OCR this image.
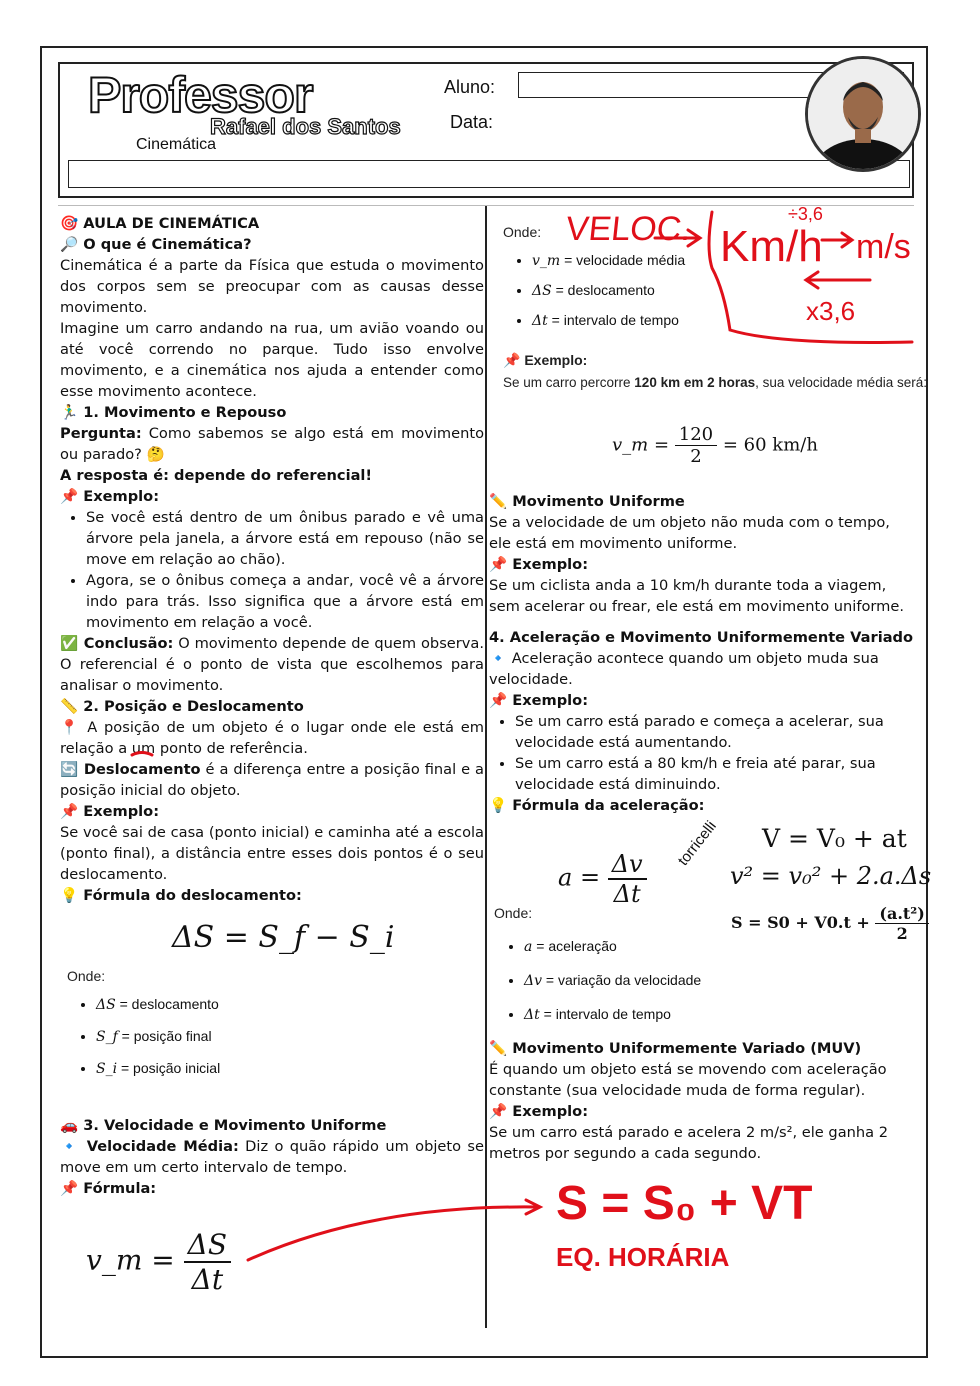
Professor
Rafael dos Santos
Cinemática
Aluno:
Data:

🎯 AULA DE CINEMÁTICA

🔎 O que é Cinemática?

Cinemática é a parte da Física que estuda o movimento dos corpos sem se preocupar com as causas desse movimento.

Imagine um carro andando na rua, um avião voando ou até você correndo no parque. Tudo isso envolve movimento, e a cinemática nos ajuda a entender como esse movimento acontece.

🏃‍♂️ 1. Movimento e Repouso

Pergunta: Como sabemos se algo está em movimento ou parado? 🤔

A resposta é: depende do referencial!

📌 Exemplo:

• Se você está dentro de um ônibus parado e vê uma árvore pela janela, a árvore está em repouso (não se move em relação ao chão).
• Agora, se o ônibus começa a andar, você vê a árvore indo para trás. Isso significa que a árvore está em movimento em relação a você.

✅ Conclusão: O movimento depende de quem observa. O referencial é o ponto de vista que escolhemos para analisar o movimento.

📏 2. Posição e Deslocamento

📍 A posição de um objeto é o lugar onde ele está em relação a um ponto de referência.

🔄 Deslocamento é a diferença entre a posição final e a posição inicial do objeto.

📌 Exemplo:

Se você sai de casa (ponto inicial) e caminha até a escola (ponto final), a distância entre esses dois pontos é o seu deslocamento.

💡 Fórmula do deslocamento:

ΔS = S_f − S_i
Onde:
• ΔS = deslocamento
• S_f = posição final
• S_i = posição inicial

🚗 3. Velocidade e Movimento Uniforme

🔹 Velocidade Média: Diz o quão rápido um objeto se move em um certo intervalo de tempo.

📌 Fórmula:

v_m = $\frac{\Delta S}{\Delta t}$
Onde:
• v_m = velocidade média
• ΔS = deslocamento
• Δt = intervalo de tempo
📌 Exemplo:
Se um carro percorre 120 km em 2 horas, sua velocidade média será:
v_m = $\frac{120}{2} = 60$ km/h

✏️ Movimento Uniforme

Se a velocidade de um objeto não muda com o tempo, ele está em movimento uniforme.

📌 Exemplo:

Se um ciclista anda a 10 km/h durante toda a viagem, sem acelerar ou frear, ele está em movimento uniforme.

4. Aceleração e Movimento Uniformemente Variado

🔹 Aceleração acontece quando um objeto muda sua velocidade.

📌 Exemplo:

• Se um carro está parado e começa a acelerar, sua velocidade está aumentando.
• Se um carro está a 80 km/h e freia até parar, sua velocidade está diminuindo.

💡 Fórmula da aceleração:

$a = \frac{\Delta v}{\Delta t}$
V = V₀ + at
torricelli
v² = v₀² + 2.a.Δs
$S = S0 + V0.t + \frac{\text{(a.t²)}}{2}$
Onde:
• a = aceleração
• Δv = variação da velocidade
• Δt = intervalo de tempo

✏️ Movimento Uniformemente Variado (MUV)

É quando um objeto está se movendo com aceleração constante (sua velocidade muda de forma regular).

📌 Exemplo:

Se um carro está parado e acelera 2 m/s², ele ganha 2 metros por segundo a cada segundo.

VELOC. Km/h
÷3,6
m/s
x3,6
S = S₀ + VT
EQ. HORÁRIA
